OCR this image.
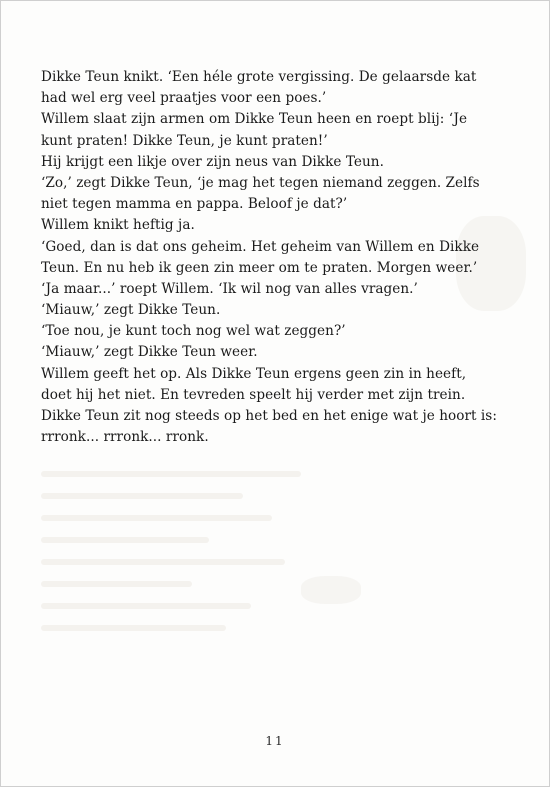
Dikke Teun knikt. ‘Een héle grote vergissing. De gelaarsde kat
had wel erg veel praatjes voor een poes.’
Willem slaat zijn armen om Dikke Teun heen en roept blij: ‘Je
kunt praten! Dikke Teun, je kunt praten!’
Hij krijgt een likje over zijn neus van Dikke Teun.
‘Zo,’ zegt Dikke Teun, ‘je mag het tegen niemand zeggen. Zelfs
niet tegen mamma en pappa. Beloof je dat?’
Willem knikt heftig ja.
‘Goed, dan is dat ons geheim. Het geheim van Willem en Dikke
Teun. En nu heb ik geen zin meer om te praten. Morgen weer.’
‘Ja maar...’ roept Willem. ‘Ik wil nog van alles vragen.’
‘Miauw,’ zegt Dikke Teun.
‘Toe nou, je kunt toch nog wel wat zeggen?’
‘Miauw,’ zegt Dikke Teun weer.
Willem geeft het op. Als Dikke Teun ergens geen zin in heeft,
doet hij het niet. En tevreden speelt hij verder met zijn trein.
Dikke Teun zit nog steeds op het bed en het enige wat je hoort is:
rrronk... rrronk... rronk.
11
